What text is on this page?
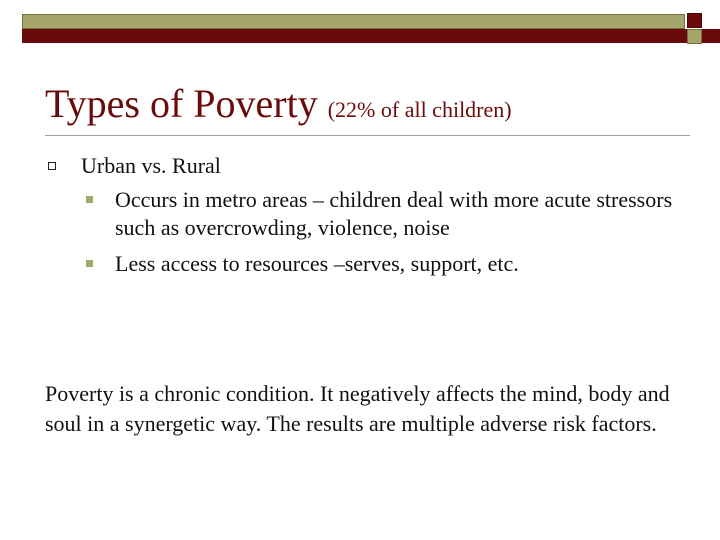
Types of Poverty (22% of all children)
Urban vs. Rural
Occurs in metro areas – children deal with more acute stressors such as overcrowding, violence, noise
Less access to resources –serves, support, etc.

Poverty is a chronic condition. It negatively affects the mind, body and soul in a synergetic way. The results are multiple adverse risk factors.
